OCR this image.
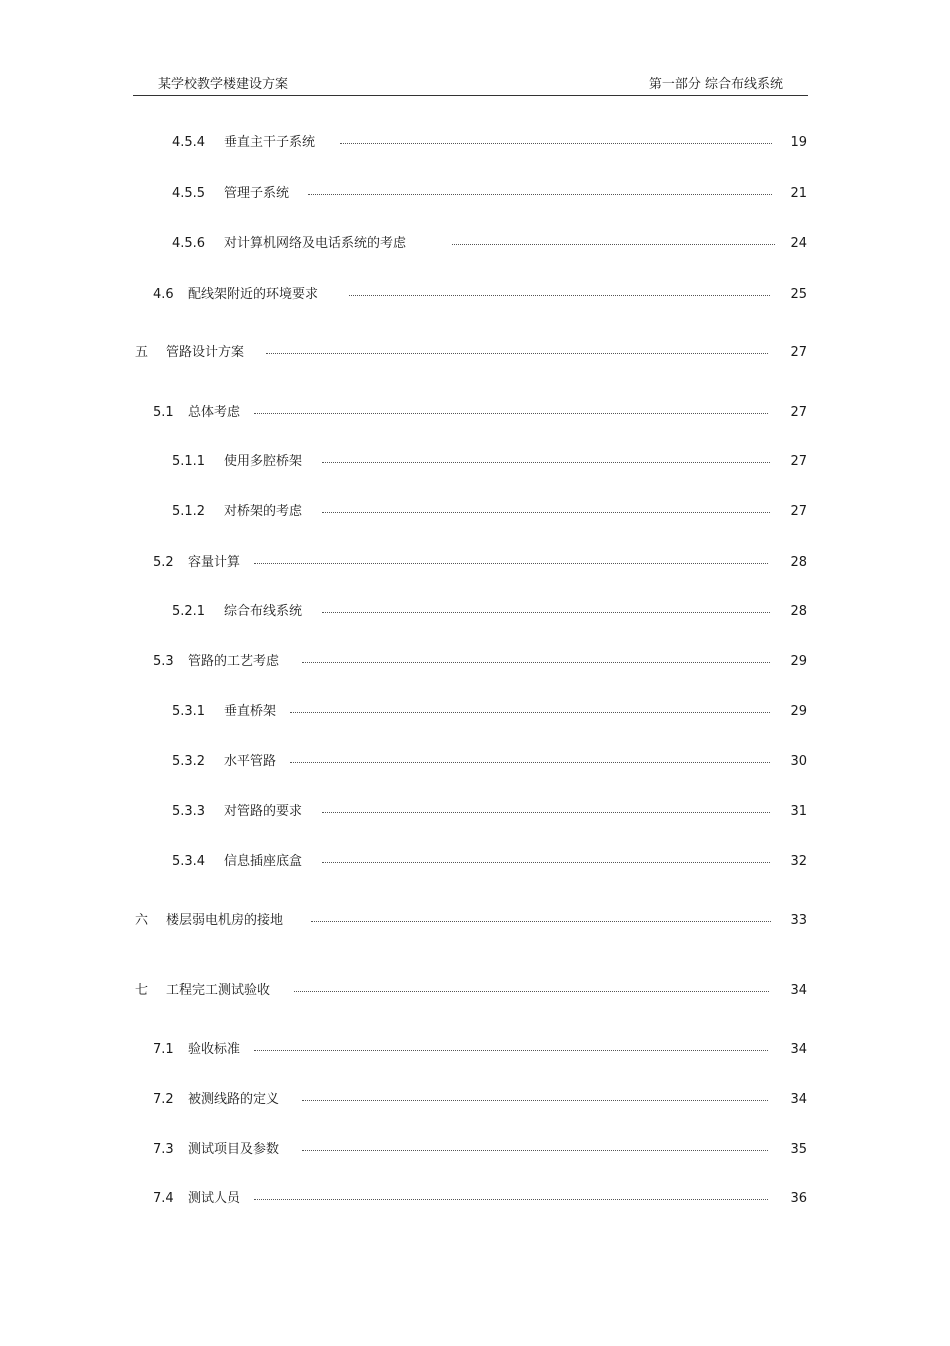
某学校教学楼建设方案	第一部分 综合布线系统
4.5.4 垂直主干子系统	19
4.5.5 管理子系统	21
4.5.6 对计算机网络及电话系统的考虑	24
4.6 配线架附近的环境要求	25
五 管路设计方案	27
5.1 总体考虑	27
5.1.1 使用多腔桥架	27
5.1.2 对桥架的考虑	27
5.2 容量计算	28
5.2.1 综合布线系统	28
5.3 管路的工艺考虑	29
5.3.1 垂直桥架	29
5.3.2 水平管路	30
5.3.3 对管路的要求	31
5.3.4 信息插座底盒	32
六 楼层弱电机房的接地	33
七 工程完工测试验收	34
7.1 验收标准	34
7.2 被测线路的定义	34
7.3 测试项目及参数	35
7.4 测试人员	36
